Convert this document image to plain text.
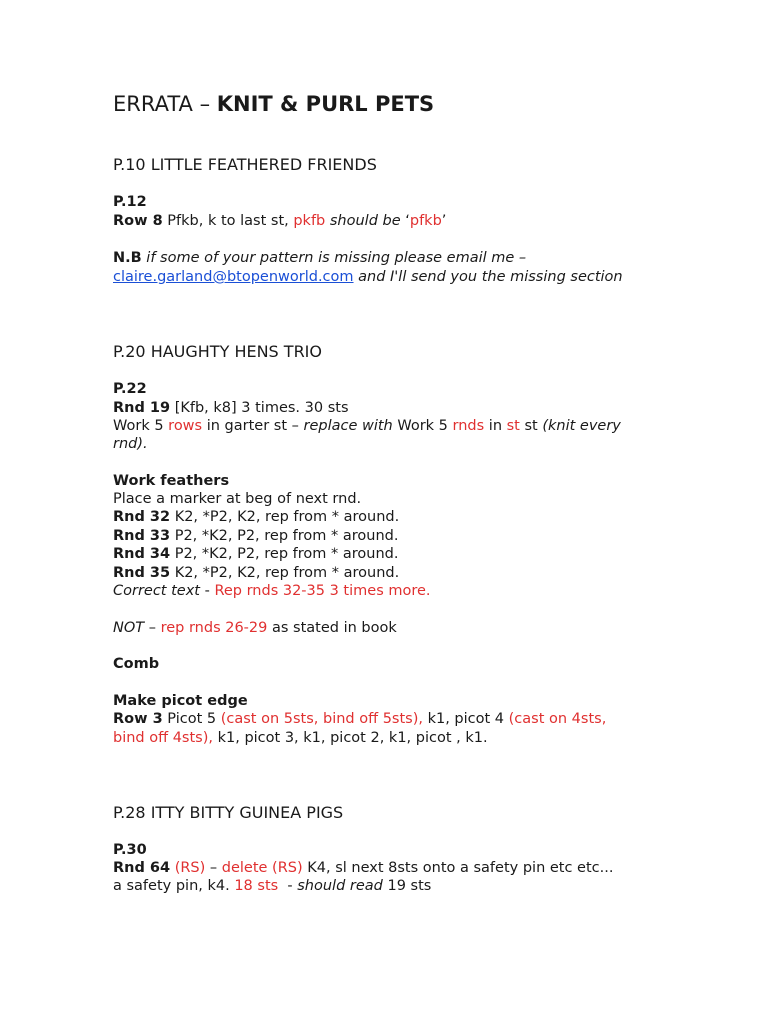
ERRATA – KNIT & PURL PETS
P.10 LITTLE FEATHERED FRIENDS
P.12
Row 8 Pfkb, k to last st, pkfb should be ‘pfkb’
N.B if some of your pattern is missing please email me –
claire.garland@btopenworld.com and I'll send you the missing section
P.20 HAUGHTY HENS TRIO
P.22
Rnd 19 [Kfb, k8] 3 times. 30 sts
Work 5 rows in garter st – replace with Work 5 rnds in st st (knit every
rnd).
Work feathers
Place a marker at beg of next rnd.
Rnd 32 K2, *P2, K2, rep from * around.
Rnd 33 P2, *K2, P2, rep from * around.
Rnd 34 P2, *K2, P2, rep from * around.
Rnd 35 K2, *P2, K2, rep from * around.
Correct text - Rep rnds 32-35 3 times more.
NOT – rep rnds 26-29 as stated in book
Comb
Make picot edge
Row 3 Picot 5 (cast on 5sts, bind off 5sts), k1, picot 4 (cast on 4sts,
bind off 4sts), k1, picot 3, k1, picot 2, k1, picot , k1.
P.28 ITTY BITTY GUINEA PIGS
P.30
Rnd 64 (RS) – delete (RS) K4, sl next 8sts onto a safety pin etc etc...
a safety pin, k4. 18 sts  - should read 19 sts
